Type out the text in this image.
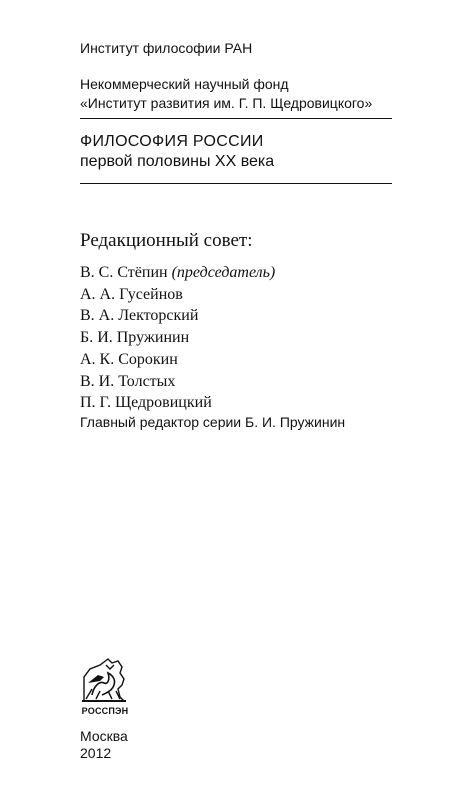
Институт философии РАН
Некоммерческий научный фонд
«Институт развития им. Г. П. Щедровицкого»
ФИЛОСОФИЯ РОССИИ
первой половины XX века
Редакционный совет:
В. С. Стёпин (председатель)
А. А. Гусейнов
В. А. Лекторский
Б. И. Пружинин
А. К. Сорокин
В. И. Толстых
П. Г. Щедровицкий
Главный редактор серии Б. И. Пружинин
РОССПЭН
Москва
2012
